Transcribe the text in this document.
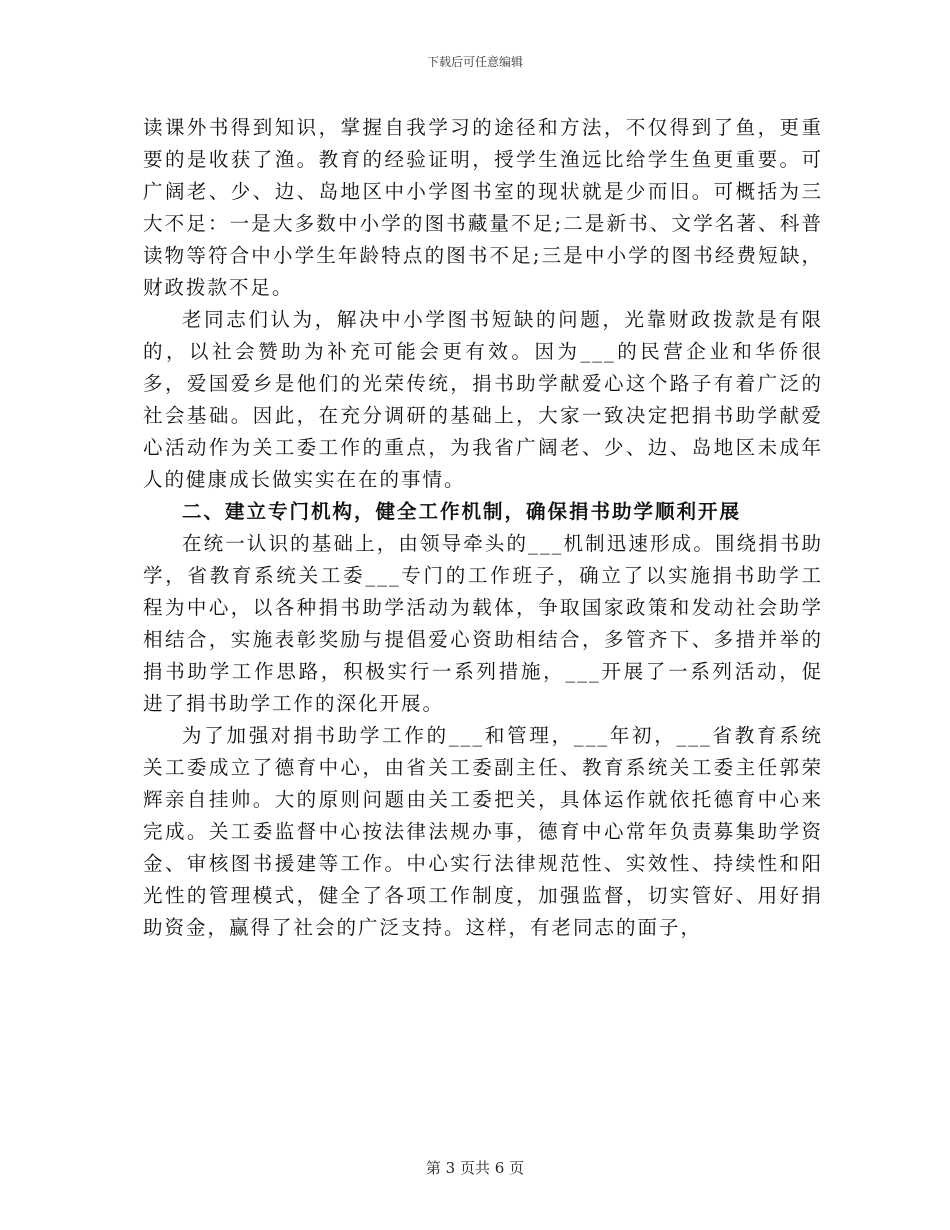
下载后可任意编辑

读课外书得到知识，掌握自我学习的途径和方法，不仅得到了鱼，更重要的是收获了渔。教育的经验证明，授学生渔远比给学生鱼更重要。可广阔老、少、边、岛地区中小学图书室的现状就是少而旧。可概括为三大不足：一是大多数中小学的图书藏量不足;二是新书、文学名著、科普读物等符合中小学生年龄特点的图书不足;三是中小学的图书经费短缺，财政拨款不足。

老同志们认为，解决中小学图书短缺的问题，光靠财政拨款是有限的，以社会赞助为补充可能会更有效。因为___的民营企业和华侨很多，爱国爱乡是他们的光荣传统，捐书助学献爱心这个路子有着广泛的社会基础。因此，在充分调研的基础上，大家一致决定把捐书助学献爱心活动作为关工委工作的重点，为我省广阔老、少、边、岛地区未成年人的健康成长做实实在在的事情。

二、建立专门机构，健全工作机制，确保捐书助学顺利开展

在统一认识的基础上，由领导牵头的___机制迅速形成。围绕捐书助学，省教育系统关工委___专门的工作班子，确立了以实施捐书助学工程为中心，以各种捐书助学活动为载体，争取国家政策和发动社会助学相结合，实施表彰奖励与提倡爱心资助相结合，多管齐下、多措并举的捐书助学工作思路，积极实行一系列措施，___开展了一系列活动，促进了捐书助学工作的深化开展。

为了加强对捐书助学工作的___和管理，___年初，___省教育系统关工委成立了德育中心，由省关工委副主任、教育系统关工委主任郭荣辉亲自挂帅。大的原则问题由关工委把关，具体运作就依托德育中心来完成。关工委监督中心按法律法规办事，德育中心常年负责募集助学资金、审核图书援建等工作。中心实行法律规范性、实效性、持续性和阳光性的管理模式，健全了各项工作制度，加强监督，切实管好、用好捐助资金，赢得了社会的广泛支持。这样，有老同志的面子，

第 3 页共 6 页
